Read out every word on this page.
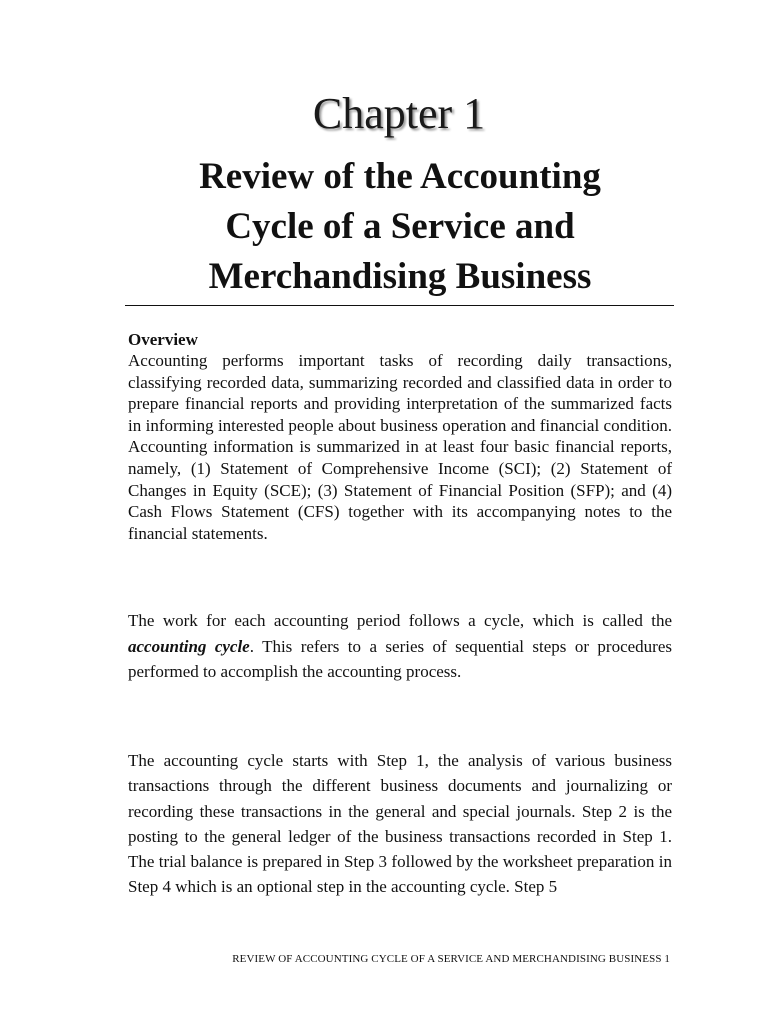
Chapter 1
Review of the Accounting
Cycle of a Service and
Merchandising Business
Overview

Accounting performs important tasks of recording daily transactions, classifying recorded data, summarizing recorded and classified data in order to prepare financial reports and providing interpretation of the summarized facts in informing interested people about business operation and financial condition. Accounting information is summarized in at least four basic financial reports, namely, (1) Statement of Comprehensive Income (SCI); (2) Statement of Changes in Equity (SCE); (3) Statement of Financial Position (SFP); and (4) Cash Flows Statement (CFS) together with its accompanying notes to the financial statements.

The work for each accounting period follows a cycle, which is called the accounting cycle. This refers to a series of sequential steps or procedures performed to accomplish the accounting process.

The accounting cycle starts with Step 1, the analysis of various business transactions through the different business documents and journalizing or recording these transactions in the general and special journals. Step 2 is the posting to the general ledger of the business transactions recorded in Step 1. The trial balance is prepared in Step 3 followed by the worksheet preparation in Step 4 which is an optional step in the accounting cycle. Step 5

REVIEW OF ACCOUNTING CYCLE OF A SERVICE AND MERCHANDISING BUSINESS 1
